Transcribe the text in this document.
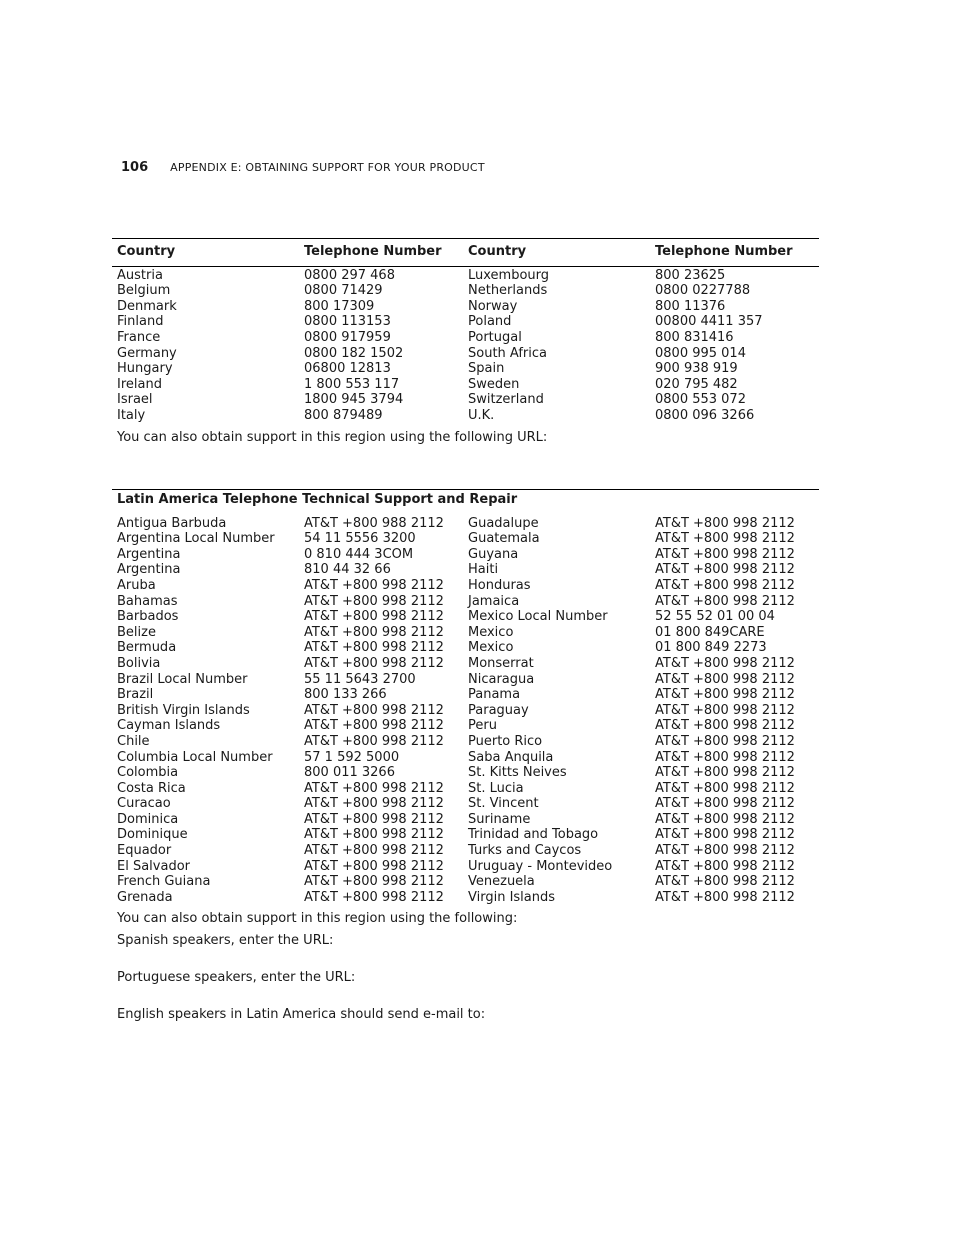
106 APPENDIX E: OBTAINING SUPPORT FOR YOUR PRODUCT
Country	Telephone Number	Country	Telephone Number
Austria	0800 297 468	Luxembourg	800 23625
Belgium	0800 71429	Netherlands	0800 0227788
Denmark	800 17309	Norway	800 11376
Finland	0800 113153	Poland	00800 4411 357
France	0800 917959	Portugal	800 831416
Germany	0800 182 1502	South Africa	0800 995 014
Hungary	06800 12813	Spain	900 938 919
Ireland	1 800 553 117	Sweden	020 795 482
Israel	1800 945 3794	Switzerland	0800 553 072
Italy	800 879489	U.K.	0800 096 3266
You can also obtain support in this region using the following URL:
Latin America Telephone Technical Support and Repair			
Antigua Barbuda	AT&T +800 988 2112	Guadalupe	AT&T +800 998 2112
Argentina Local Number	54 11 5556 3200	Guatemala	AT&T +800 998 2112
Argentina	0 810 444 3COM	Guyana	AT&T +800 998 2112
Argentina	810 44 32 66	Haiti	AT&T +800 998 2112
Aruba	AT&T +800 998 2112	Honduras	AT&T +800 998 2112
Bahamas	AT&T +800 998 2112	Jamaica	AT&T +800 998 2112
Barbados	AT&T +800 998 2112	Mexico Local Number	52 55 52 01 00 04
Belize	AT&T +800 998 2112	Mexico	01 800 849CARE
Bermuda	AT&T +800 998 2112	Mexico	01 800 849 2273
Bolivia	AT&T +800 998 2112	Monserrat	AT&T +800 998 2112
Brazil Local Number	55 11 5643 2700	Nicaragua	AT&T +800 998 2112
Brazil	800 133 266	Panama	AT&T +800 998 2112
British Virgin Islands	AT&T +800 998 2112	Paraguay	AT&T +800 998 2112
Cayman Islands	AT&T +800 998 2112	Peru	AT&T +800 998 2112
Chile	AT&T +800 998 2112	Puerto Rico	AT&T +800 998 2112
Columbia Local Number	57 1 592 5000	Saba Anquila	AT&T +800 998 2112
Colombia	800 011 3266	St. Kitts Neives	AT&T +800 998 2112
Costa Rica	AT&T +800 998 2112	St. Lucia	AT&T +800 998 2112
Curacao	AT&T +800 998 2112	St. Vincent	AT&T +800 998 2112
Dominica	AT&T +800 998 2112	Suriname	AT&T +800 998 2112
Dominique	AT&T +800 998 2112	Trinidad and Tobago	AT&T +800 998 2112
Equador	AT&T +800 998 2112	Turks and Caycos	AT&T +800 998 2112
El Salvador	AT&T +800 998 2112	Uruguay - Montevideo	AT&T +800 998 2112
French Guiana	AT&T +800 998 2112	Venezuela	AT&T +800 998 2112
Grenada	AT&T +800 998 2112	Virgin Islands	AT&T +800 998 2112
You can also obtain support in this region using the following:
Spanish speakers, enter the URL:
Portuguese speakers, enter the URL:
English speakers in Latin America should send e-mail to:
